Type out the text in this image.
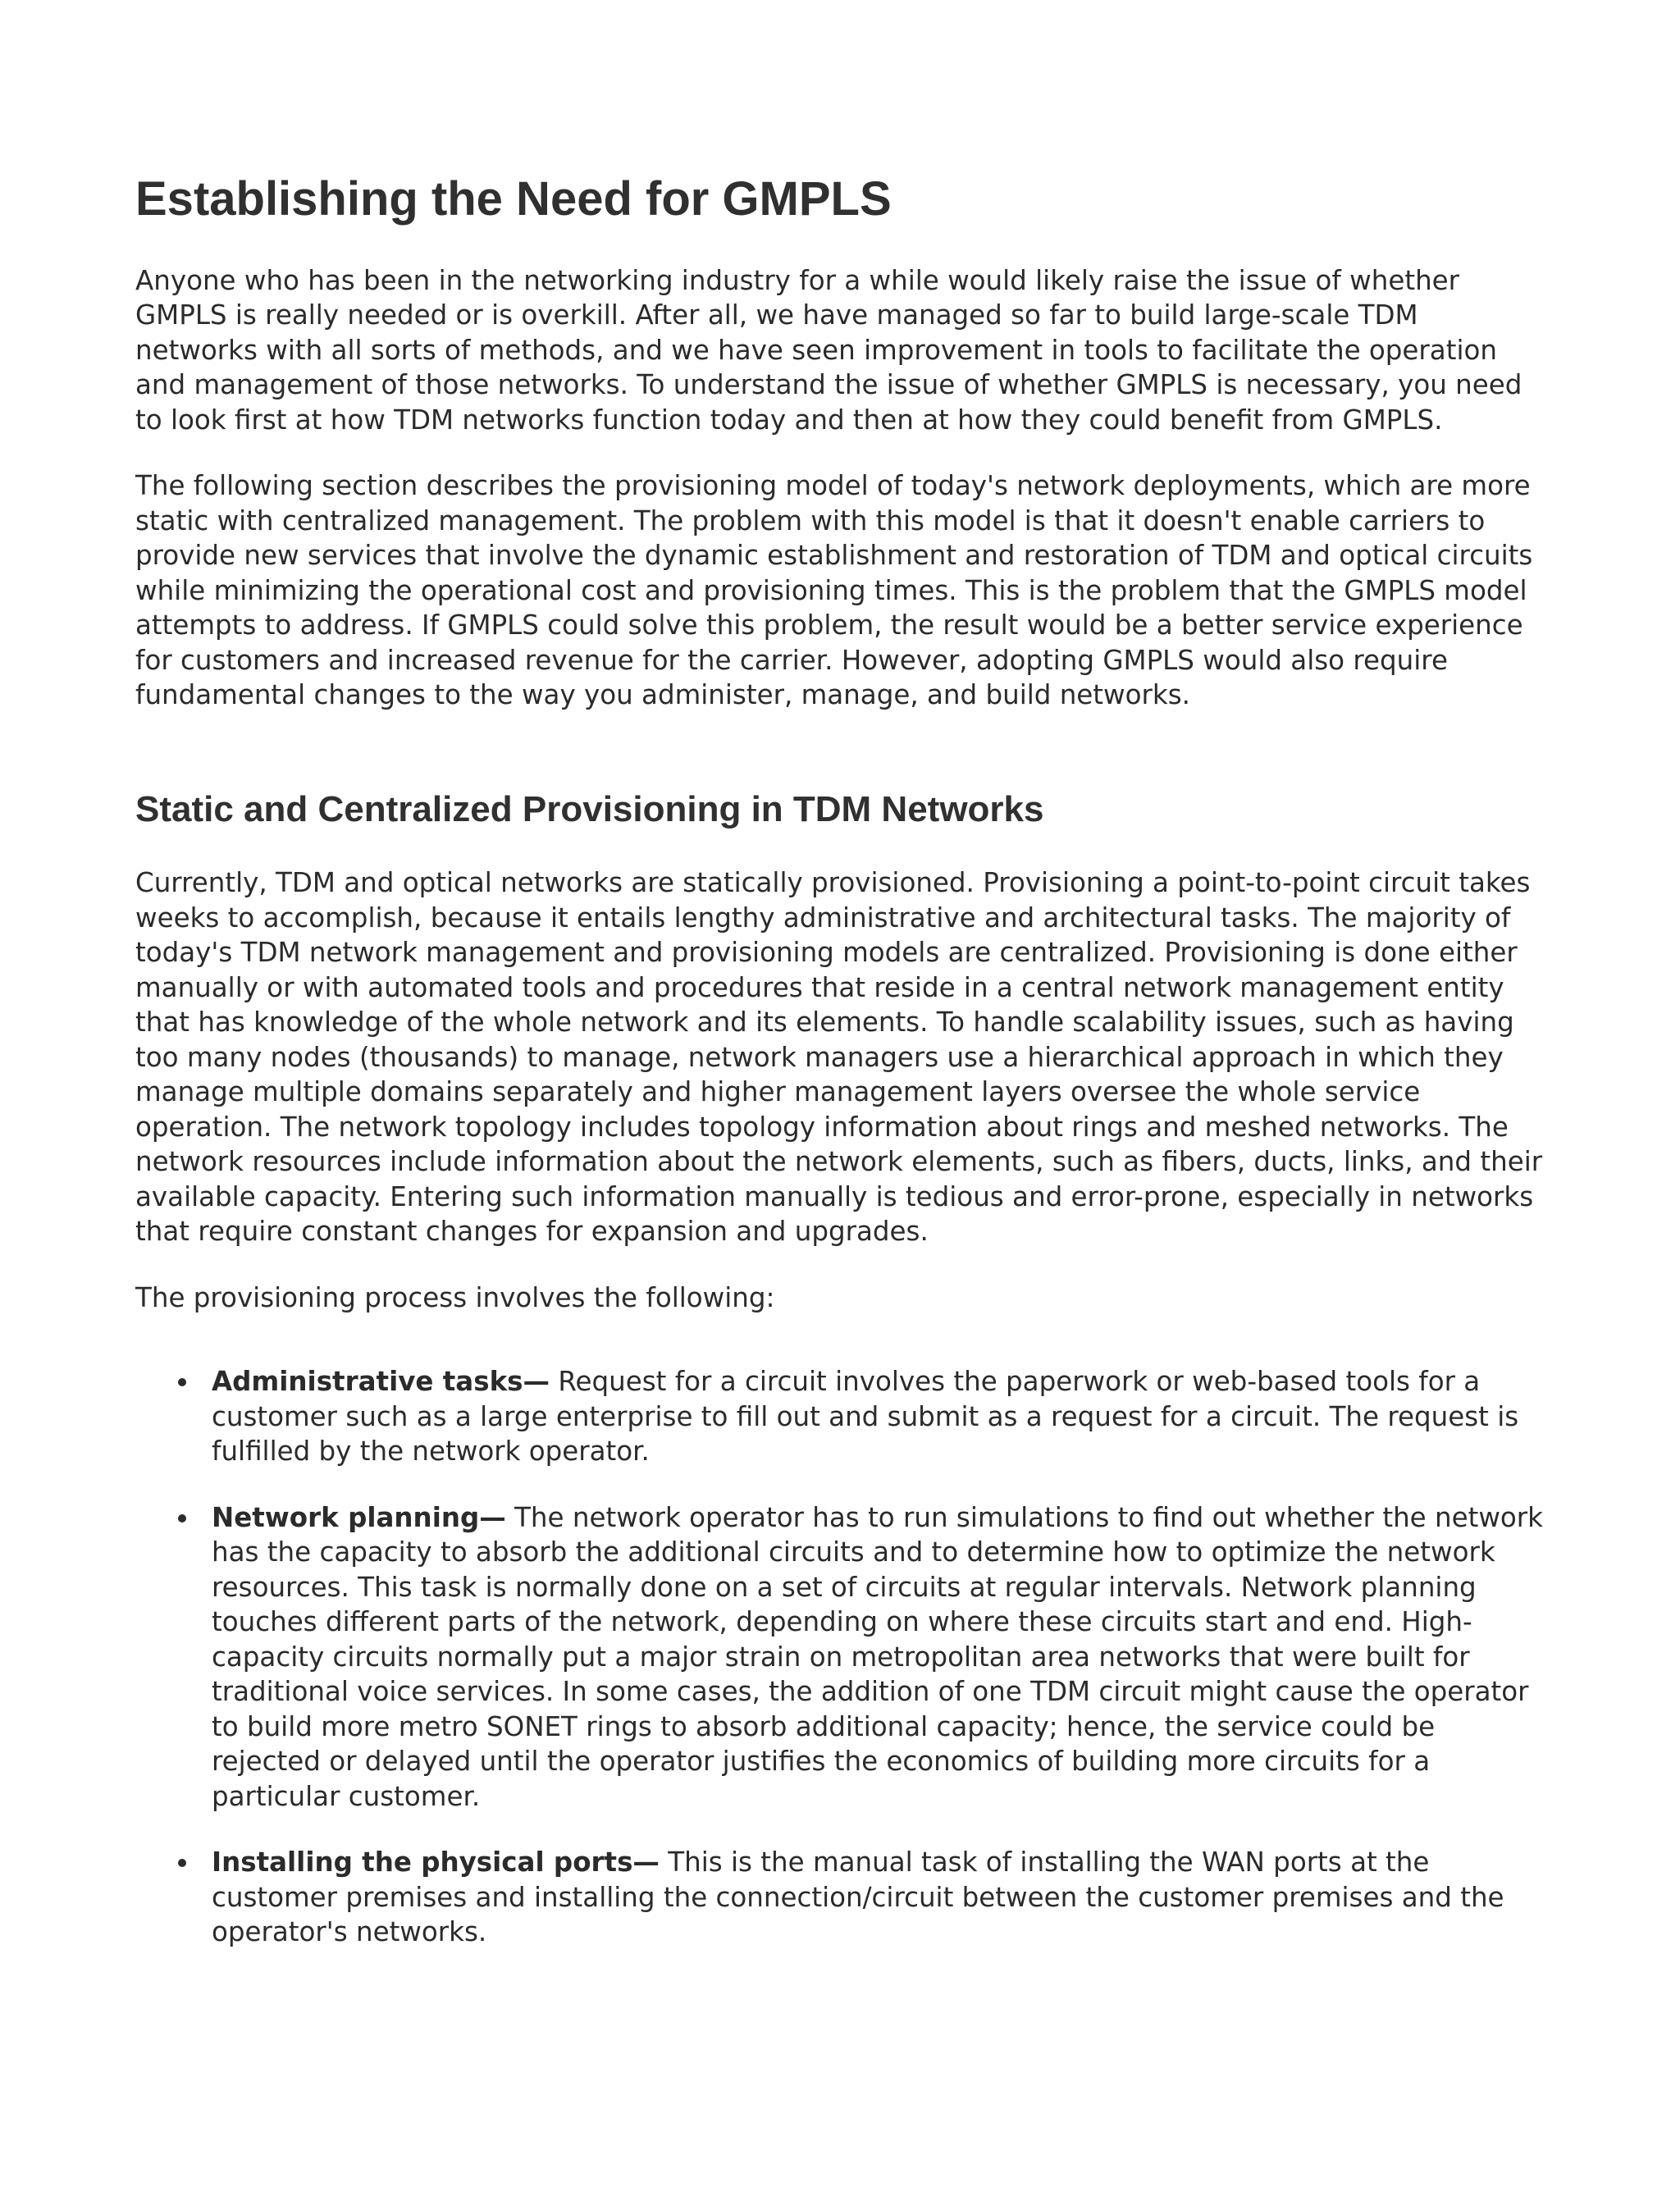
Establishing the Need for GMPLS

Anyone who has been in the networking industry for a while would likely raise the issue of whether GMPLS is really needed or is overkill. After all, we have managed so far to build large-scale TDM networks with all sorts of methods, and we have seen improvement in tools to facilitate the operation and management of those networks. To understand the issue of whether GMPLS is necessary, you need to look first at how TDM networks function today and then at how they could benefit from GMPLS.

The following section describes the provisioning model of today's network deployments, which are more static with centralized management. The problem with this model is that it doesn't enable carriers to provide new services that involve the dynamic establishment and restoration of TDM and optical circuits while minimizing the operational cost and provisioning times. This is the problem that the GMPLS model attempts to address. If GMPLS could solve this problem, the result would be a better service experience for customers and increased revenue for the carrier. However, adopting GMPLS would also require fundamental changes to the way you administer, manage, and build networks.

Static and Centralized Provisioning in TDM Networks

Currently, TDM and optical networks are statically provisioned. Provisioning a point-to-point circuit takes weeks to accomplish, because it entails lengthy administrative and architectural tasks. The majority of today's TDM network management and provisioning models are centralized. Provisioning is done either manually or with automated tools and procedures that reside in a central network management entity that has knowledge of the whole network and its elements. To handle scalability issues, such as having too many nodes (thousands) to manage, network managers use a hierarchical approach in which they manage multiple domains separately and higher management layers oversee the whole service operation. The network topology includes topology information about rings and meshed networks. The network resources include information about the network elements, such as fibers, ducts, links, and their available capacity. Entering such information manually is tedious and error-prone, especially in networks that require constant changes for expansion and upgrades.

The provisioning process involves the following:

Administrative tasks— Request for a circuit involves the paperwork or web-based tools for a customer such as a large enterprise to fill out and submit as a request for a circuit. The request is fulfilled by the network operator.
Network planning— The network operator has to run simulations to find out whether the network has the capacity to absorb the additional circuits and to determine how to optimize the network resources. This task is normally done on a set of circuits at regular intervals. Network planning touches different parts of the network, depending on where these circuits start and end. High-capacity circuits normally put a major strain on metropolitan area networks that were built for traditional voice services. In some cases, the addition of one TDM circuit might cause the operator to build more metro SONET rings to absorb additional capacity; hence, the service could be rejected or delayed until the operator justifies the economics of building more circuits for a particular customer.
Installing the physical ports— This is the manual task of installing the WAN ports at the customer premises and installing the connection/circuit between the customer premises and the operator's networks.
